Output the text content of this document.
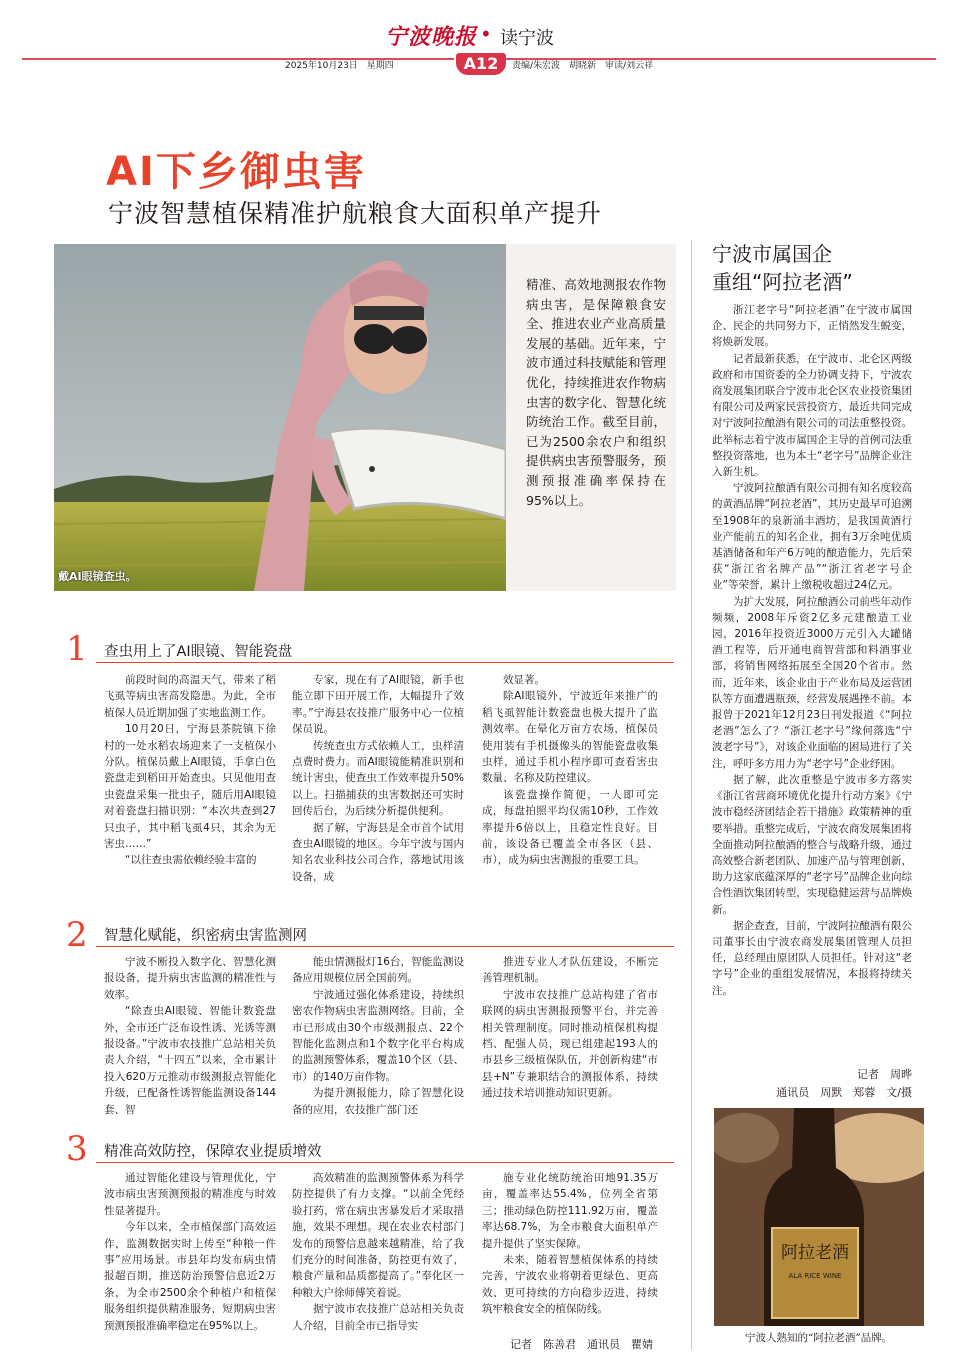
宁波晚报 • 读宁波
2025年10月23日　星期四	A12	责编/朱宏波　胡晓新　审读/刘云祥
AI下乡御虫害
宁波智慧植保精准护航粮食大面积单产提升
戴AI眼镜查虫。
精准、高效地测报农作物病虫害，是保障粮食安全、推进农业产业高质量发展的基础。近年来，宁波市通过科技赋能和管理优化，持续推进农作物病虫害的数字化、智慧化统防统治工作。截至目前，已为2500余农户和组织提供病虫害预警服务，预测预报准确率保持在95%以上。
1 查虫用上了AI眼镜、智能瓷盘

前段时间的高温天气，带来了稻飞虱等病虫害高发隐患。为此，全市植保人员近期加强了实地监测工作。

10月20日，宁海县茶院镇下徐村的一处水稻农场迎来了一支植保小分队。植保员戴上AI眼镜，手拿白色瓷盘走到稻田开始查虫。只见他用查虫瓷盘采集一批虫子，随后用AI眼镜对着瓷盘扫描识别：“本次共查到27只虫子，其中稻飞虱4只，其余为无害虫……”

“以往查虫需依赖经验丰富的

专家，现在有了AI眼镜，新手也能立即下田开展工作，大幅提升了效率。”宁海县农技推广服务中心一位植保员说。

传统查虫方式依赖人工，虫样清点费时费力。而AI眼镜能精准识别和统计害虫，使查虫工作效率提升50%以上。扫描捕获的虫害数据还可实时回传后台，为后续分析提供便利。

据了解，宁海县是全市首个试用查虫AI眼镜的地区。今年宁波与国内知名农业科技公司合作，落地试用该设备，成

效显著。

除AI眼镜外，宁波近年来推广的稻飞虱智能计数瓷盘也极大提升了监测效率。在晕化万亩方农场，植保员使用装有手机摄像头的智能瓷盘收集虫样，通过手机小程序即可查看害虫数量、名称及防控建议。

该瓷盘操作简便，一人即可完成，每盘拍照平均仅需10秒，工作效率提升6倍以上，且稳定性良好。目前，该设备已覆盖全市各区（县、市），成为病虫害测报的重要工具。

2 智慧化赋能，织密病虫害监测网

宁波不断投入数字化、智慧化测报设备，提升病虫害监测的精准性与效率。

“除查虫AI眼镜、智能计数瓷盘外，全市还广泛布设性诱、光诱等测报设备。”宁波市农技推广总站相关负责人介绍，“十四五”以来，全市累计投入620万元推动市级测报点智能化升级，已配备性诱智能监测设备144套、智

能虫情测报灯16台，智能监测设备应用规模位居全国前列。

宁波通过强化体系建设，持续织密农作物病虫害监测网络。目前，全市已形成由30个市级测报点、22个智能化监测点和1个数字化平台构成的监测预警体系，覆盖10个区（县、市）的140万亩作物。

为提升测报能力，除了智慧化设备的应用，农技推广部门还

推进专业人才队伍建设，不断完善管理机制。

宁波市农技推广总站构建了省市联网的病虫害测报预警平台，并完善相关管理制度。同时推动植保机构提档、配强人员，现已组建起193人的市县乡三级植保队伍，并创新构建“市县+N”专兼职结合的测报体系，持续通过技术培训推动知识更新。

3 精准高效防控，保障农业提质增效

通过智能化建设与管理优化，宁波市病虫害预测预报的精准度与时效性显著提升。

今年以来，全市植保部门高效运作，监测数据实时上传至“种粮一件事”应用场景。市县年均发布病虫情报超百期，推送防治预警信息近2万条，为全市2500余个种植户和植保服务组织提供精准服务，短期病虫害预测预报准确率稳定在95%以上。

高效精准的监测预警体系为科学防控提供了有力支撑。“以前全凭经验打药，常在病虫害暴发后才采取措施，效果不理想。现在农业农村部门发布的预警信息越来越精准，给了我们充分的时间准备，防控更有效了，粮食产量和品质都提高了。”奉化区一种粮大户徐师傅笑着说。

据宁波市农技推广总站相关负责人介绍，目前全市已指导实

施专业化统防统治田地91.35万亩，覆盖率达55.4%，位列全省第三；推动绿色防控111.92万亩，覆盖率达68.7%，为全市粮食大面积单产提升提供了坚实保障。

未来，随着智慧植保体系的持续完善，宁波农业将朝着更绿色、更高效、更可持续的方向稳步迈进，持续筑牢粮食安全的植保防线。

记者　陈善君　通讯员　瞿婧
宁波市属国企
重组“阿拉老酒”

浙江老字号“阿拉老酒”在宁波市属国企、民企的共同努力下，正悄然发生蜕变，将焕新发展。

记者最新获悉，在宁波市、北仑区两级政府和市国资委的全力协调支持下，宁波农商发展集团联合宁波市北仑区农业投资集团有限公司及两家民营投资方，最近共同完成对宁波阿拉酿酒有限公司的司法重整投资。此举标志着宁波市属国企主导的首例司法重整投资落地，也为本土“老字号”品牌企业注入新生机。

宁波阿拉酿酒有限公司拥有知名度较高的黄酒品牌“阿拉老酒”，其历史最早可追溯至1908年的泉新涌丰酒坊，是我国黄酒行业产能前五的知名企业，拥有3万余吨优质基酒储备和年产6万吨的酿造能力，先后荣获“浙江省名牌产品”“浙江省老字号企业”等荣誉，累计上缴税收超过24亿元。

为扩大发展，阿拉酿酒公司前些年动作频频，2008年斥资2亿多元建酿造工业园，2016年投资近3000万元引入大罐储酒工程等，后开通电商智营部和料酒事业部，将销售网络拓展至全国20个省市。然而，近年来，该企业由于产业布局及运营团队等方面遭遇瓶颈，经营发展遇挫不前。本报曾于2021年12月23日刊发报道《“阿拉老酒”怎么了？“浙江老字号”缘何落选“宁波老字号”》，对该企业面临的困局进行了关注，呼吁多方用力为“老字号”企业纾困。

据了解，此次重整是宁波市多方落实《浙江省营商环境优化提升行动方案》《宁波市稳经济团结企若干措施》政策精神的重要举措。重整完成后，宁波农商发展集团将全面推动阿拉酿酒的整合与战略升级，通过高效整合新老团队、加速产品与管理创新，助力这家底蕴深厚的“老字号”品牌企业向综合性酒饮集团转型，实现稳健运营与品牌焕新。

据企查查，目前，宁波阿拉酿酒有限公司董事长由宁波农商发展集团管理人员担任，总经理由原团队人员担任。针对这“老字号”企业的重组发展情况，本报将持续关注。

记者　周晔
通讯员　周默　郑蓉　文/摄
阿拉老酒
ALA RICE WINE
宁波人熟知的“阿拉老酒”品牌。
